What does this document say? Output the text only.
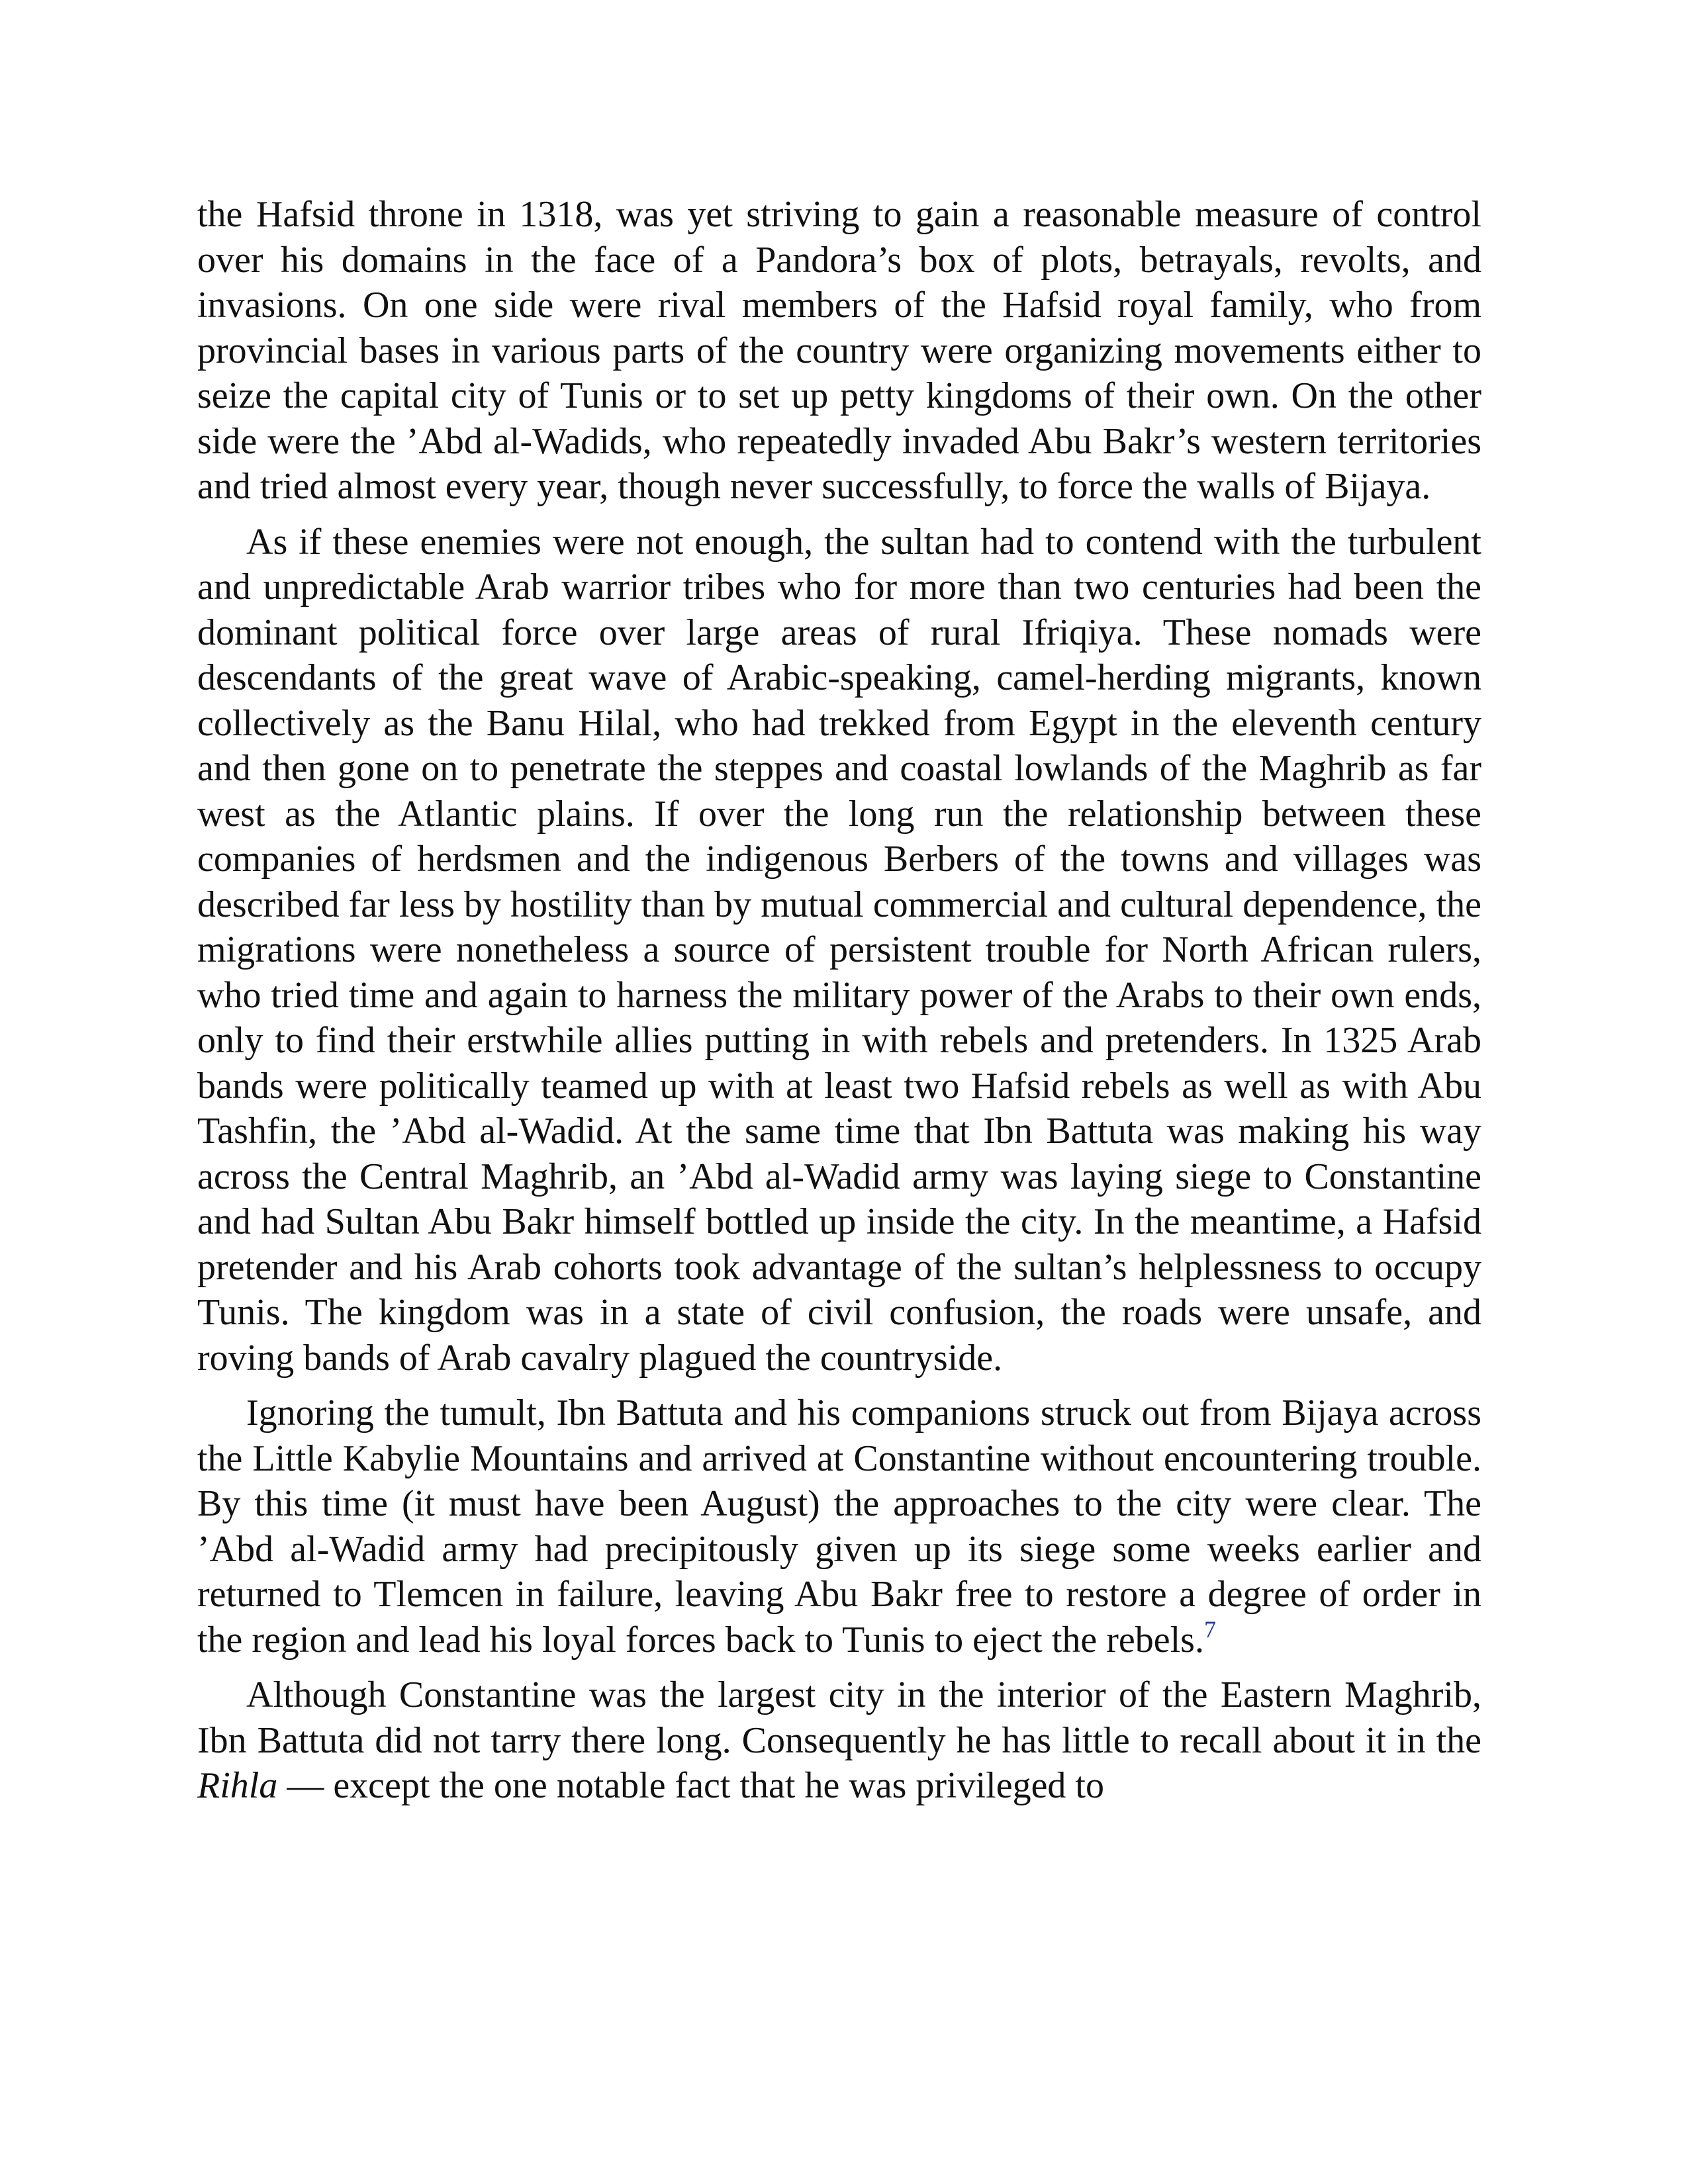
the Hafsid throne in 1318, was yet striving to gain a reasonable measure of control over his domains in the face of a Pandora’s box of plots, betrayals, revolts, and invasions. On one side were rival members of the Hafsid royal family, who from provincial bases in various parts of the country were organizing movements either to seize the capital city of Tunis or to set up petty kingdoms of their own. On the other side were the ’Abd al-Wadids, who repeatedly invaded Abu Bakr’s western territories and tried almost every year, though never successfully, to force the walls of Bijaya.

As if these enemies were not enough, the sultan had to contend with the turbulent and unpredictable Arab warrior tribes who for more than two centuries had been the dominant political force over large areas of rural Ifriqiya. These nomads were descendants of the great wave of Arabic-speaking, camel-herding migrants, known collectively as the Banu Hilal, who had trekked from Egypt in the eleventh century and then gone on to penetrate the steppes and coastal lowlands of the Maghrib as far west as the Atlantic plains. If over the long run the relationship between these companies of herdsmen and the indigenous Berbers of the towns and villages was described far less by hostility than by mutual commercial and cultural dependence, the migrations were nonetheless a source of persistent trouble for North African rulers, who tried time and again to harness the military power of the Arabs to their own ends, only to find their erstwhile allies putting in with rebels and pretenders. In 1325 Arab bands were politically teamed up with at least two Hafsid rebels as well as with Abu Tashfin, the ’Abd al-Wadid. At the same time that Ibn Battuta was making his way across the Central Maghrib, an ’Abd al-Wadid army was laying siege to Constantine and had Sultan Abu Bakr himself bottled up inside the city. In the meantime, a Hafsid pretender and his Arab cohorts took advantage of the sultan’s helplessness to occupy Tunis. The kingdom was in a state of civil confusion, the roads were unsafe, and roving bands of Arab cavalry plagued the countryside.

Ignoring the tumult, Ibn Battuta and his companions struck out from Bijaya across the Little Kabylie Mountains and arrived at Constantine without encountering trouble. By this time (it must have been August) the approaches to the city were clear. The ’Abd al-Wadid army had precipitously given up its siege some weeks earlier and returned to Tlemcen in failure, leaving Abu Bakr free to restore a degree of order in the region and lead his loyal forces back to Tunis to eject the rebels.$^7$

Although Constantine was the largest city in the interior of the Eastern Maghrib, Ibn Battuta did not tarry there long. Consequently he has little to recall about it in the Rihla — except the one notable fact that he was privileged to
